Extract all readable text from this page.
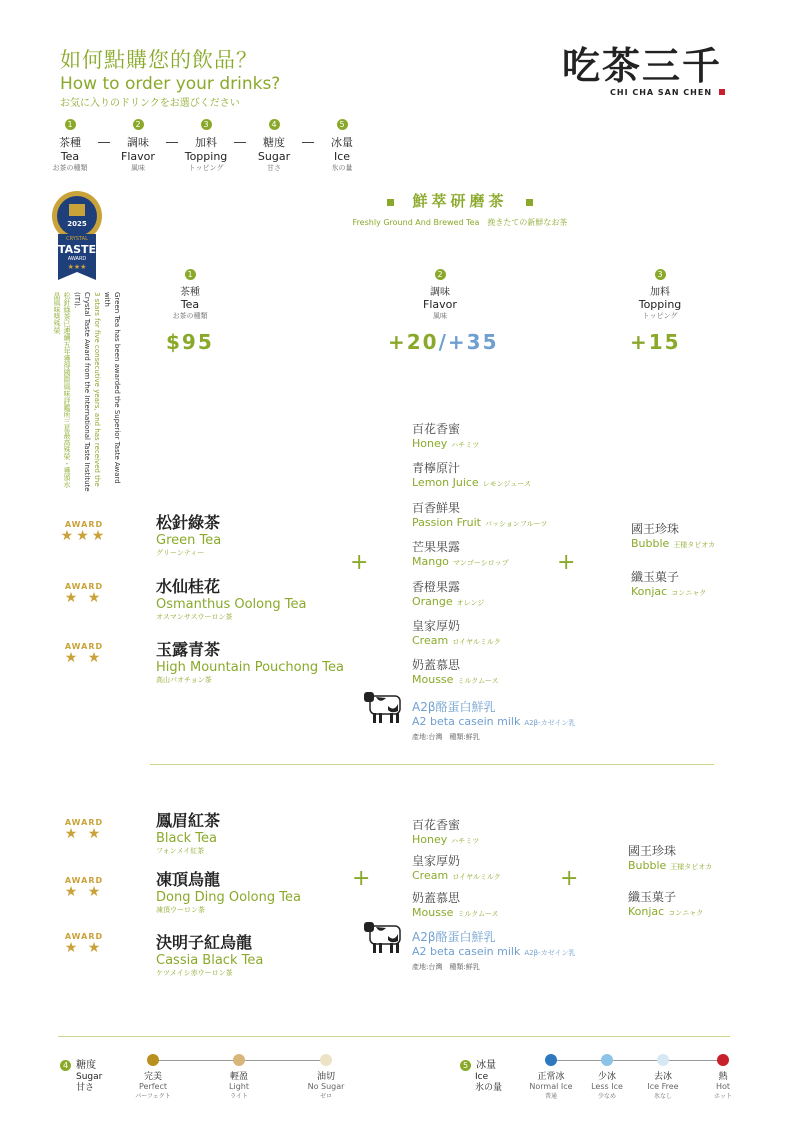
如何點購您的飲品？
How to order your drinks?
お気に入りのドリンクをお選びください
吃茶三千
CHI CHA SAN CHEN
1
茶種
Tea
お茶の種類
2
調味
Flavor
風味
3
加料
Topping
トッピング
4
糖度
Sugar
甘さ
5
冰量
Ice
氷の量
2025
CRYSTAL
TASTE
AWARD
★★★
Green Tea has been awarded the Superior Taste Award with
3 stars for five consecutive years, and has received the
Crystal Taste Award from the International Taste Institute (ITI).
松針綠茶已連續五年獲得國際風味評鑑所三星最高殊榮・獲頒水晶風味獎殊榮
鮮萃研磨茶
Freshly Ground And Brewed Tea　挽きたての新鮮なお茶
1
茶種
Tea
お茶の種類
2
調味
Flavor
風味
3
加料
Topping
トッピング
$95	+20/+35	+15
AWARD
★★★
AWARD
★ ★
AWARD
★ ★
松針綠茶
Green Tea
グリーンティー
水仙桂花
Osmanthus Oolong Tea
オスマンサスウーロン茶
玉露青茶
High Mountain Pouchong Tea
高山パオチョン茶
+
百花香蜜
Honey ハチミツ
青檸原汁
Lemon Juice レモンジュース
百香鮮果
Passion Fruit パッションフルーツ
芒果果露
Mango マンゴーシロップ
香橙果露
Orange オレンジ
皇家厚奶
Cream ロイヤルミルク
奶蓋慕思
Mousse ミルクムース
A2β酪蛋白鮮乳
A2 beta casein milk A2β-カゼイン乳
產地:台灣　種類:鮮乳
+
國王珍珠
Bubble 王様タピオカ
纖玉菓子
Konjac コンニャク
AWARD
★ ★
AWARD
★ ★
AWARD
★ ★
鳳眉紅茶
Black Tea
フォンメイ紅茶
凍頂烏龍
Dong Ding Oolong Tea
凍頂ウーロン茶
決明子紅烏龍
Cassia Black Tea
ケツメイシ赤ウーロン茶
+
百花香蜜
Honey ハチミツ
皇家厚奶
Cream ロイヤルミルク
奶蓋慕思
Mousse ミルクムース
A2β酪蛋白鮮乳
A2 beta casein milk A2β-カゼイン乳
產地:台灣　種類:鮮乳
+
國王珍珠
Bubble 王様タピオカ
纖玉菓子
Konjac コンニャク
4 糖度
Sugar
甘さ
完美
Perfect
パーフェクト
輕盈
Light
ライト
油切
No Sugar
ゼロ
5 冰量
Ice
氷の量
正常冰
Normal Ice
普通
少冰
Less Ice
少なめ
去冰
Ice Free
氷なし
熱
Hot
ホット
